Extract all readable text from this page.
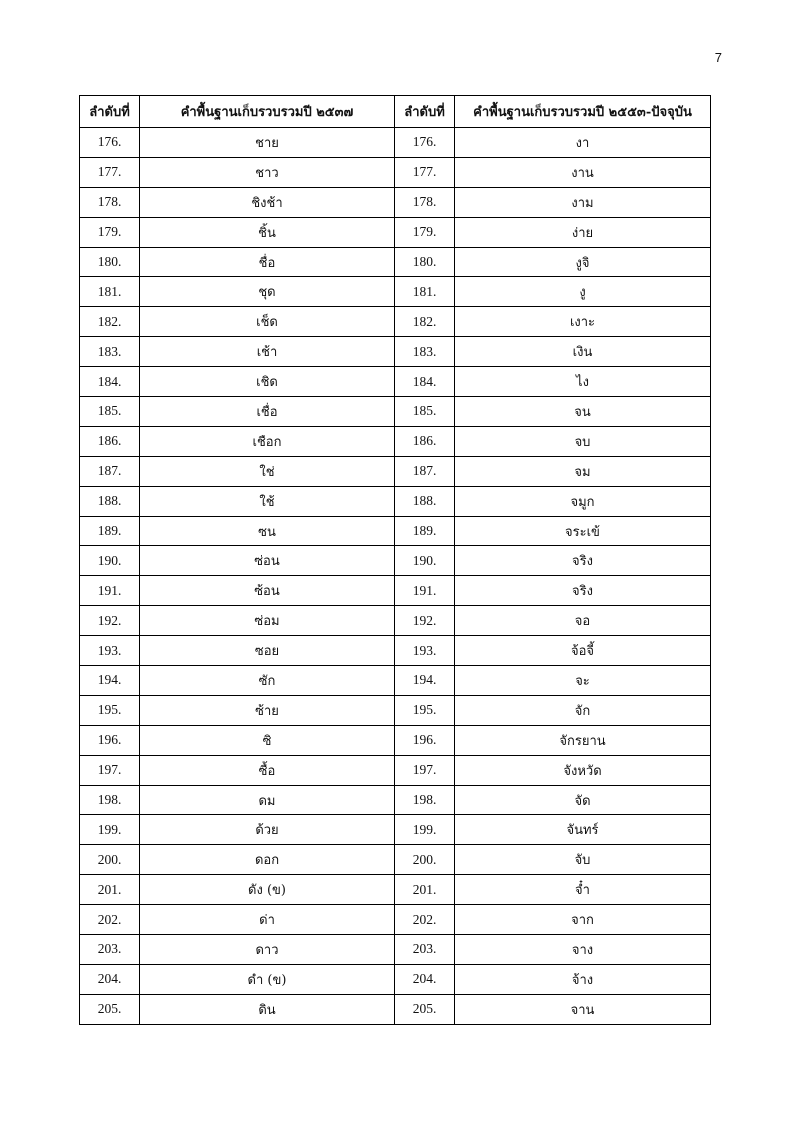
7
ลำดับที่	คำพื้นฐานเก็บรวบรวมปี ๒๕๓๗	ลำดับที่	คำพื้นฐานเก็บรวบรวมปี ๒๕๕๓-ปัจจุบัน
176.	ชาย	176.	งา
177.	ชาว	177.	งาน
178.	ชิงช้า	178.	งาม
179.	ชิ้น	179.	ง่าย
180.	ชื่อ	180.	งูจิ
181.	ชุด	181.	งู
182.	เช็ด	182.	เงาะ
183.	เช้า	183.	เงิน
184.	เชิด	184.	ไง
185.	เชื่อ	185.	จน
186.	เชือก	186.	จบ
187.	ใช่	187.	จม
188.	ใช้	188.	จมูก
189.	ซน	189.	จระเข้
190.	ซ่อน	190.	จริง
191.	ซ้อน	191.	จริง
192.	ซ่อม	192.	จอ
193.	ซอย	193.	จ้อจี้
194.	ซัก	194.	จะ
195.	ซ้าย	195.	จัก
196.	ซิ	196.	จักรยาน
197.	ซื้อ	197.	จังหวัด
198.	ดม	198.	จัด
199.	ด้วย	199.	จันทร์
200.	ดอก	200.	จับ
201.	ดัง (ข)	201.	จ๋ำ
202.	ด่า	202.	จาก
203.	ดาว	203.	จาง
204.	ดำ (ข)	204.	จ้าง
205.	ดิน	205.	จาน
